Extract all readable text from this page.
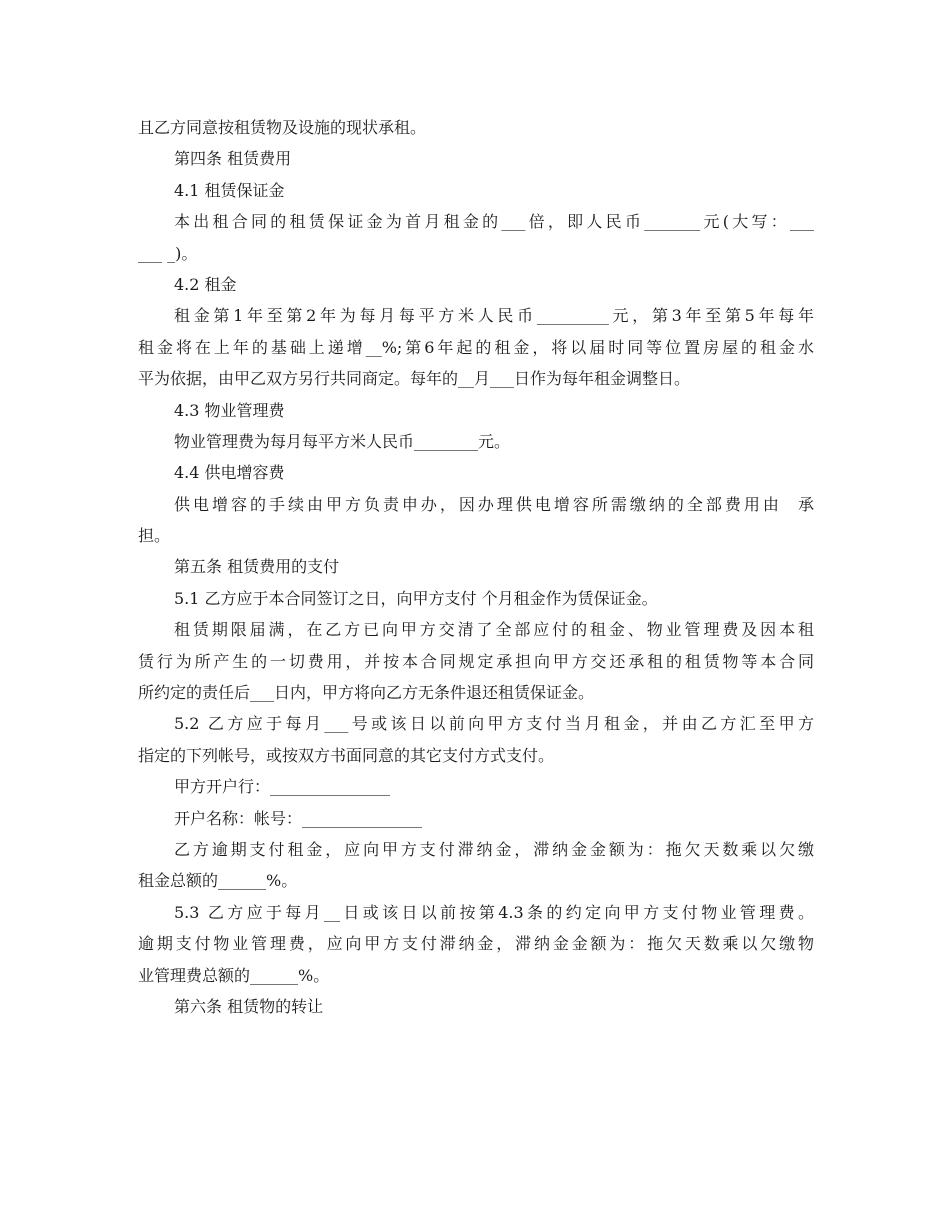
且乙方同意按租赁物及设施的现状承租。
第四条 租赁费用
4.1 租赁保证金
本出租合同的租赁保证金为首月租金的___倍，即人民币_______元(大写：___
___ _)。
4.2 租金
租金第1年至第2年为每月每平方米人民币_________元，第3年至第5年每年
租金将在上年的基础上递增__%;第6年起的租金，将以届时同等位置房屋的租金水
平为依据，由甲乙双方另行共同商定。每年的__月___日作为每年租金调整日。
4.3 物业管理费
物业管理费为每月每平方米人民币________元。
4.4 供电增容费
供电增容的手续由甲方负责申办，因办理供电增容所需缴纳的全部费用由  承
担。
第五条 租赁费用的支付
5.1 乙方应于本合同签订之日，向甲方支付 个月租金作为赁保证金。
租赁期限届满，在乙方已向甲方交清了全部应付的租金、物业管理费及因本租
赁行为所产生的一切费用，并按本合同规定承担向甲方交还承租的租赁物等本合同
所约定的责任后___日内，甲方将向乙方无条件退还租赁保证金。
5.2 乙方应于每月___号或该日以前向甲方支付当月租金，并由乙方汇至甲方
指定的下列帐号，或按双方书面同意的其它支付方式支付。
甲方开户行：_______________
开户名称：帐号：_______________
乙方逾期支付租金，应向甲方支付滞纳金，滞纳金金额为：拖欠天数乘以欠缴
租金总额的______%。
5.3 乙方应于每月__日或该日以前按第4.3条的约定向甲方支付物业管理费。
逾期支付物业管理费，应向甲方支付滞纳金，滞纳金金额为：拖欠天数乘以欠缴物
业管理费总额的______%。
第六条 租赁物的转让
